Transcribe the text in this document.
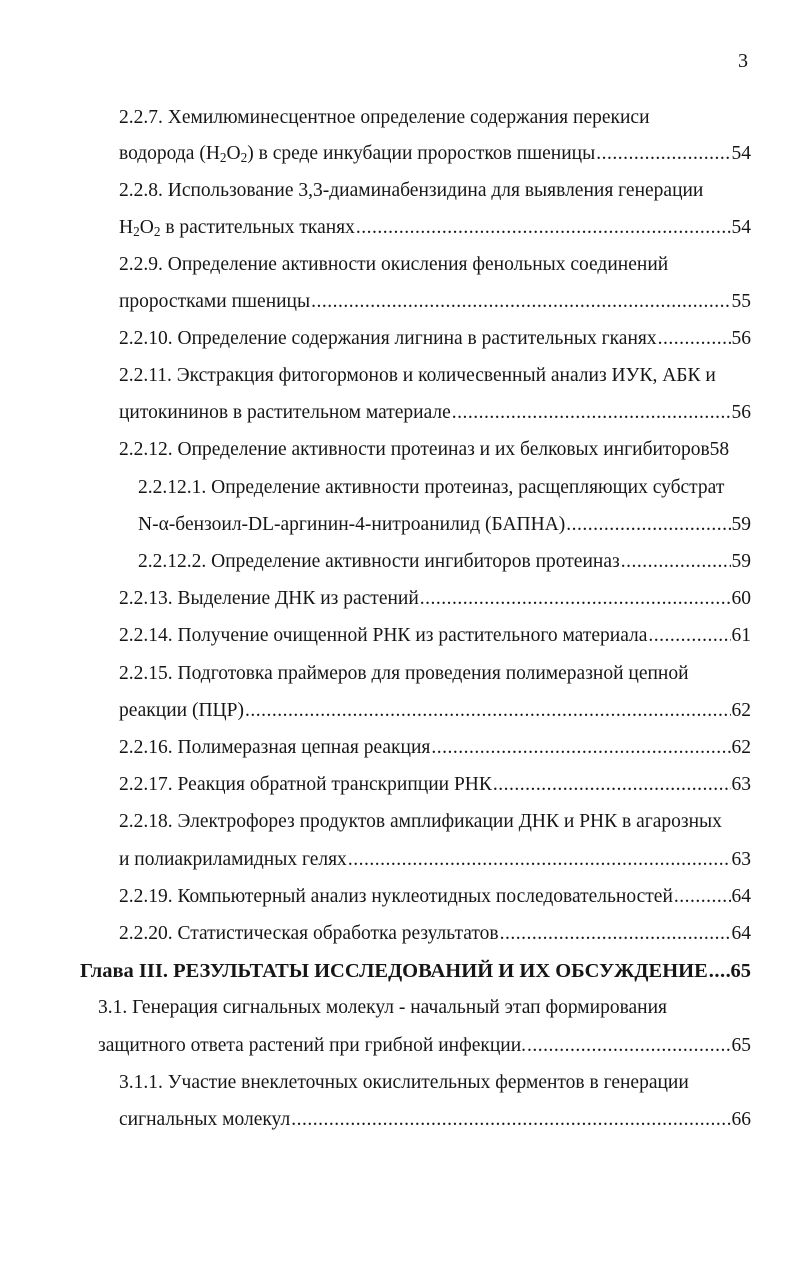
3
2.2.7. Хемилюминесцентное определение содержания перекиси
водорода $(H_2O_2)$ в среде инкубации проростков пшеницы .....	54
2.2.8. Использование 3,3-диаминабензидина для выявления генерации
$H_2O_2$ в растительных тканях .....	54
2.2.9. Определение активности окисления фенольных соединений
проростками пшеницы .....	55
2.2.10. Определение содержания лигнина в растительных гканях .....	56
2.2.11. Экстракция фитогормонов и количесвенный анализ ИУК, АБК и
цитокининов в растительном материале .....	56
2.2.12. Определение активности протеиназ и их белковых ингибиторов58
2.2.12.1. Определение активности протеиназ, расщепляющих субстрат
N-α-бензоил-DL-аргинин-4-нитроанилид (БАПНА) .....	59
2.2.12.2. Определение активности ингибиторов протеиназ .....	59
2.2.13. Выделение ДНК из растений .....	60
2.2.14. Получение очищенной РНК из растительного материала .....	61
2.2.15. Подготовка праймеров для проведения полимеразной цепной
реакции (ПЦР) .....	62
2.2.16. Полимеразная цепная реакция .....	62
2.2.17. Реакция обратной транскрипции РНК .....	63
2.2.18. Электрофорез продуктов амплификации ДНК и РНК в агарозных
и полиакриламидных гелях .....	63
2.2.19. Компьютерный анализ нуклеотидных последовательностей .....	64
2.2.20. Статистическая обработка результатов .....	64
Глава III. РЕЗУЛЬТАТЫ ИССЛЕДОВАНИЙ И ИХ ОБСУЖДЕНИЕ ..... 65
3.1. Генерация сигнальных молекул - начальный этап формирования
защитного ответа растений при грибной инфекции. .....	65
3.1.1. Участие внеклеточных окислительных ферментов в генерации
сигнальных молекул .....	66
